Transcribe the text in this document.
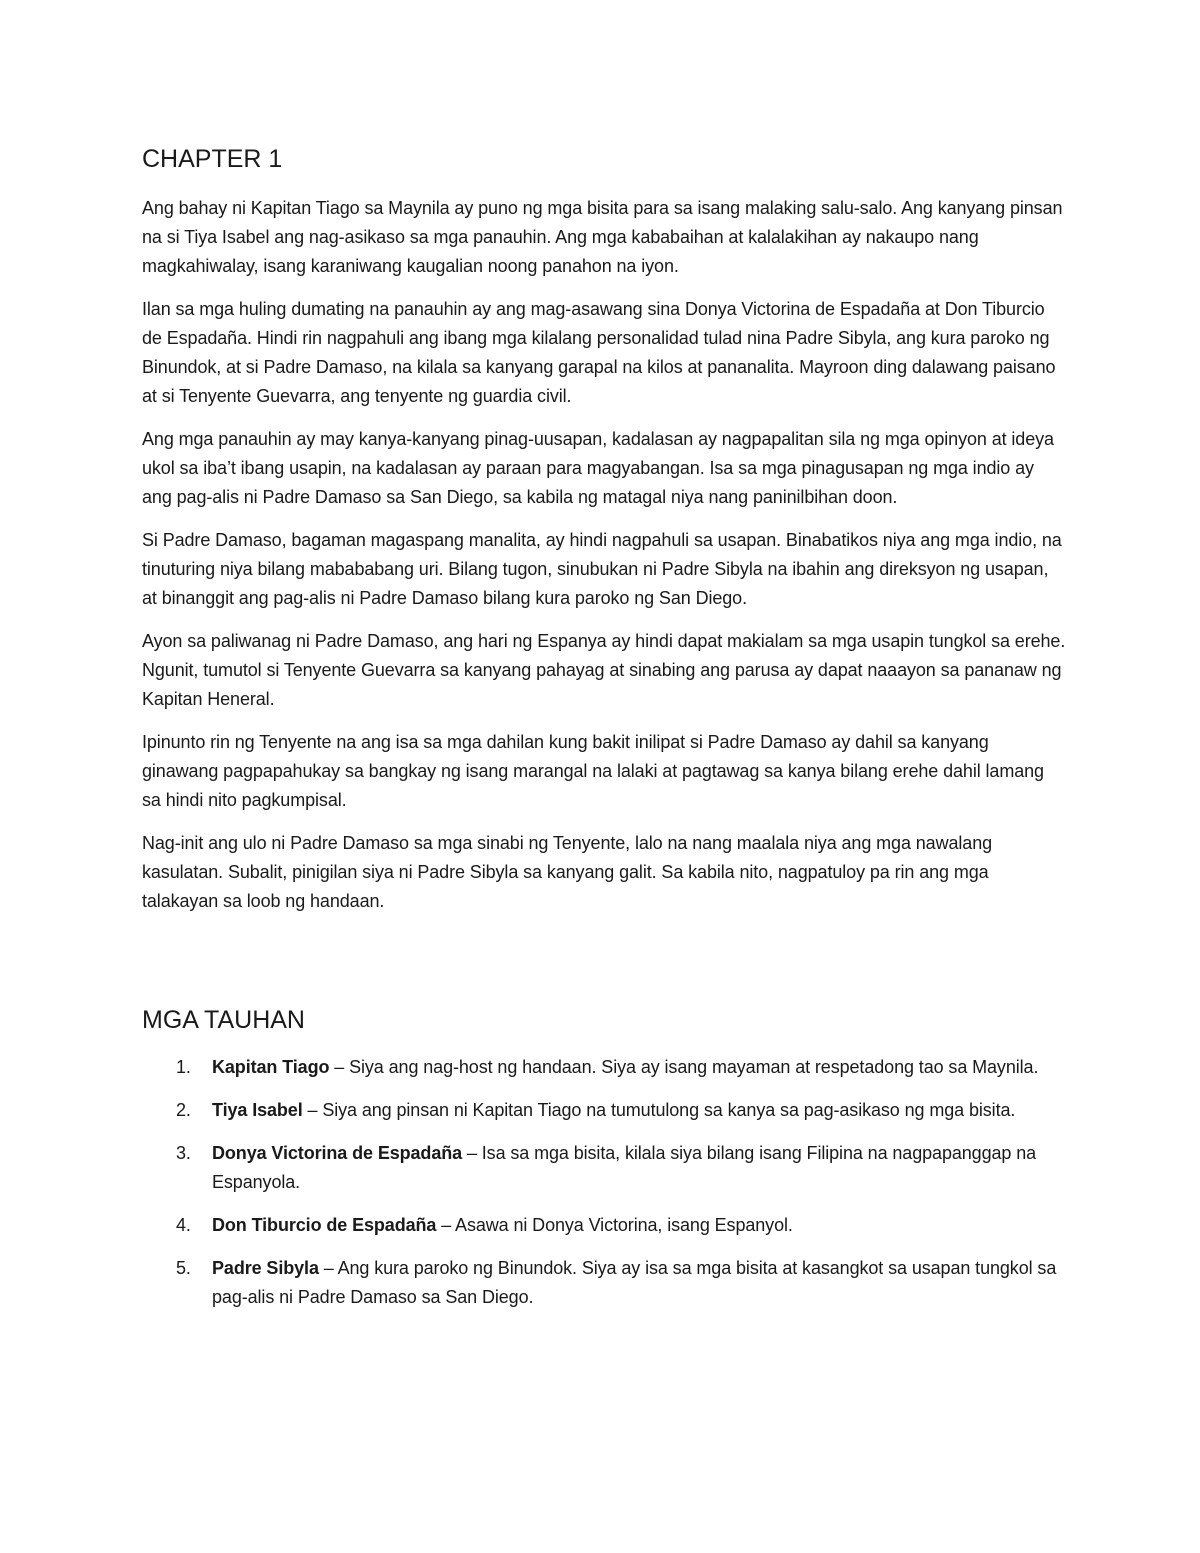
CHAPTER 1

Ang bahay ni Kapitan Tiago sa Maynila ay puno ng mga bisita para sa isang malaking salu-salo. Ang kanyang pinsan na si Tiya Isabel ang nag-asikaso sa mga panauhin. Ang mga kababaihan at kalalakihan ay nakaupo nang magkahiwalay, isang karaniwang kaugalian noong panahon na iyon.

Ilan sa mga huling dumating na panauhin ay ang mag-asawang sina Donya Victorina de Espadaña at Don Tiburcio de Espadaña. Hindi rin nagpahuli ang ibang mga kilalang personalidad tulad nina Padre Sibyla, ang kura paroko ng Binundok, at si Padre Damaso, na kilala sa kanyang garapal na kilos at pananalita. Mayroon ding dalawang paisano at si Tenyente Guevarra, ang tenyente ng guardia civil.

Ang mga panauhin ay may kanya-kanyang pinag-uusapan, kadalasan ay nagpapalitan sila ng mga opinyon at ideya ukol sa iba’t ibang usapin, na kadalasan ay paraan para magyabangan. Isa sa mga pinagusapan ng mga indio ay ang pag-alis ni Padre Damaso sa San Diego, sa kabila ng matagal niya nang paninilbihan doon.

Si Padre Damaso, bagaman magaspang manalita, ay hindi nagpahuli sa usapan. Binabatikos niya ang mga indio, na tinuturing niya bilang mabababang uri. Bilang tugon, sinubukan ni Padre Sibyla na ibahin ang direksyon ng usapan, at binanggit ang pag-alis ni Padre Damaso bilang kura paroko ng San Diego.

Ayon sa paliwanag ni Padre Damaso, ang hari ng Espanya ay hindi dapat makialam sa mga usapin tungkol sa erehe. Ngunit, tumutol si Tenyente Guevarra sa kanyang pahayag at sinabing ang parusa ay dapat naaayon sa pananaw ng Kapitan Heneral.

Ipinunto rin ng Tenyente na ang isa sa mga dahilan kung bakit inilipat si Padre Damaso ay dahil sa kanyang ginawang pagpapahukay sa bangkay ng isang marangal na lalaki at pagtawag sa kanya bilang erehe dahil lamang sa hindi nito pagkumpisal.

Nag-init ang ulo ni Padre Damaso sa mga sinabi ng Tenyente, lalo na nang maalala niya ang mga nawalang kasulatan. Subalit, pinigilan siya ni Padre Sibyla sa kanyang galit. Sa kabila nito, nagpatuloy pa rin ang mga talakayan sa loob ng handaan.

MGA TAUHAN
1. Kapitan Tiago – Siya ang nag-host ng handaan. Siya ay isang mayaman at respetadong tao sa Maynila.
2. Tiya Isabel – Siya ang pinsan ni Kapitan Tiago na tumutulong sa kanya sa pag-asikaso ng mga bisita.
3. Donya Victorina de Espadaña – Isa sa mga bisita, kilala siya bilang isang Filipina na nagpapanggap na Espanyola.
4. Don Tiburcio de Espadaña – Asawa ni Donya Victorina, isang Espanyol.
5. Padre Sibyla – Ang kura paroko ng Binundok. Siya ay isa sa mga bisita at kasangkot sa usapan tungkol sa pag-alis ni Padre Damaso sa San Diego.
